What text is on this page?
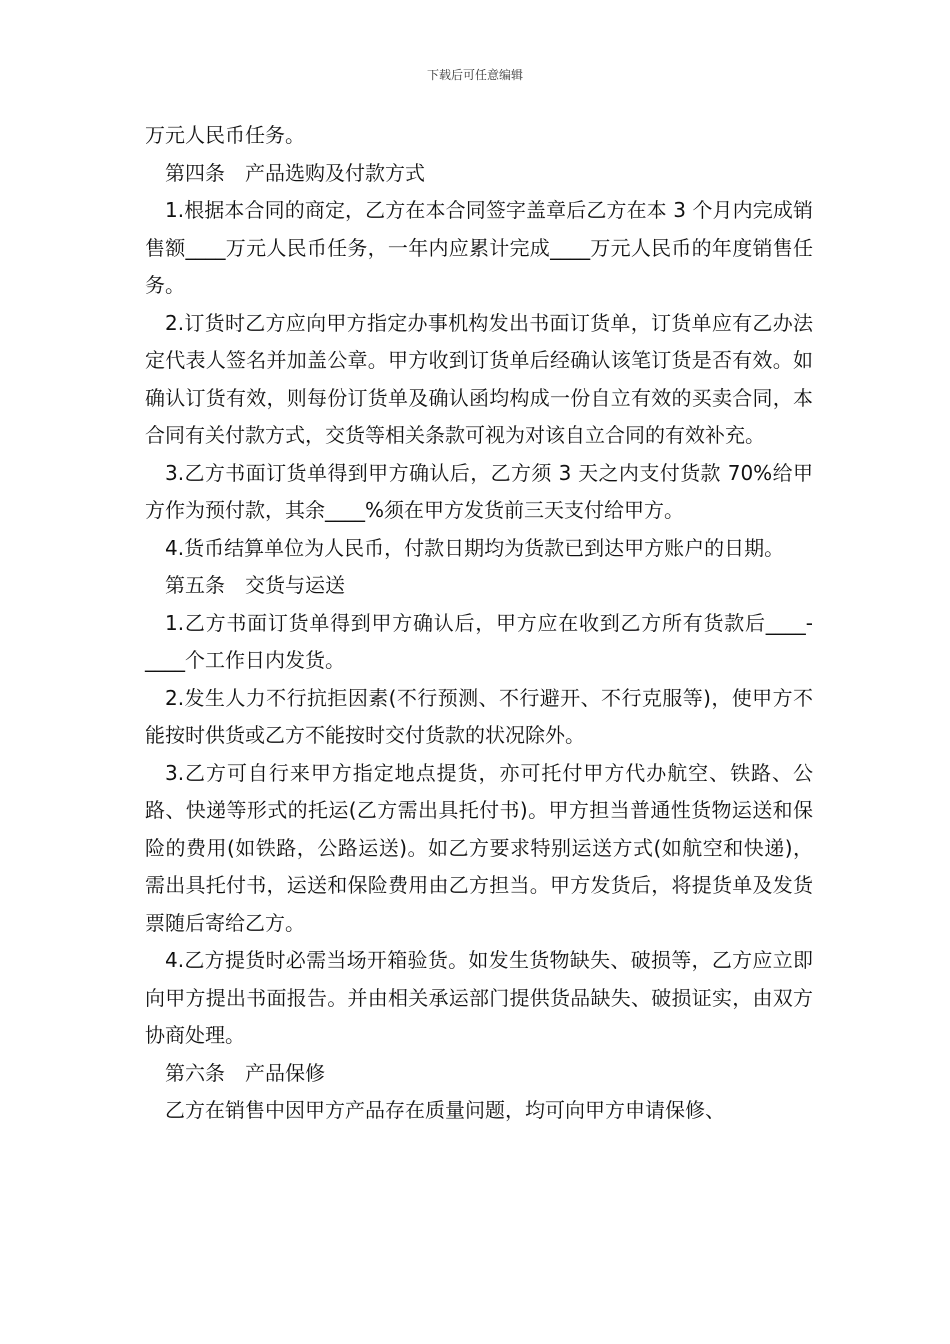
下载后可任意编辑

万元人民币任务。

第四条　产品选购及付款方式

1.根据本合同的商定，乙方在本合同签字盖章后乙方在本 3 个月内完成销售额____万元人民币任务，一年内应累计完成____万元人民币的年度销售任务。

2.订货时乙方应向甲方指定办事机构发出书面订货单，订货单应有乙办法定代表人签名并加盖公章。甲方收到订货单后经确认该笔订货是否有效。如确认订货有效，则每份订货单及确认函均构成一份自立有效的买卖合同，本合同有关付款方式，交货等相关条款可视为对该自立合同的有效补充。

3.乙方书面订货单得到甲方确认后，乙方须 3 天之内支付货款 70%给甲方作为预付款，其余____%须在甲方发货前三天支付给甲方。

4.货币结算单位为人民币，付款日期均为货款已到达甲方账户的日期。

第五条　交货与运送

1.乙方书面订货单得到甲方确认后，甲方应在收到乙方所有货款后____-____个工作日内发货。

2.发生人力不行抗拒因素(不行预测、不行避开、不行克服等)，使甲方不能按时供货或乙方不能按时交付货款的状况除外。

3.乙方可自行来甲方指定地点提货，亦可托付甲方代办航空、铁路、公路、快递等形式的托运(乙方需出具托付书)。甲方担当普通性货物运送和保险的费用(如铁路，公路运送)。如乙方要求特别运送方式(如航空和快递)，需出具托付书，运送和保险费用由乙方担当。甲方发货后，将提货单及发货票随后寄给乙方。

4.乙方提货时必需当场开箱验货。如发生货物缺失、破损等，乙方应立即向甲方提出书面报告。并由相关承运部门提供货品缺失、破损证实，由双方协商处理。

第六条　产品保修

乙方在销售中因甲方产品存在质量问题，均可向甲方申请保修、
